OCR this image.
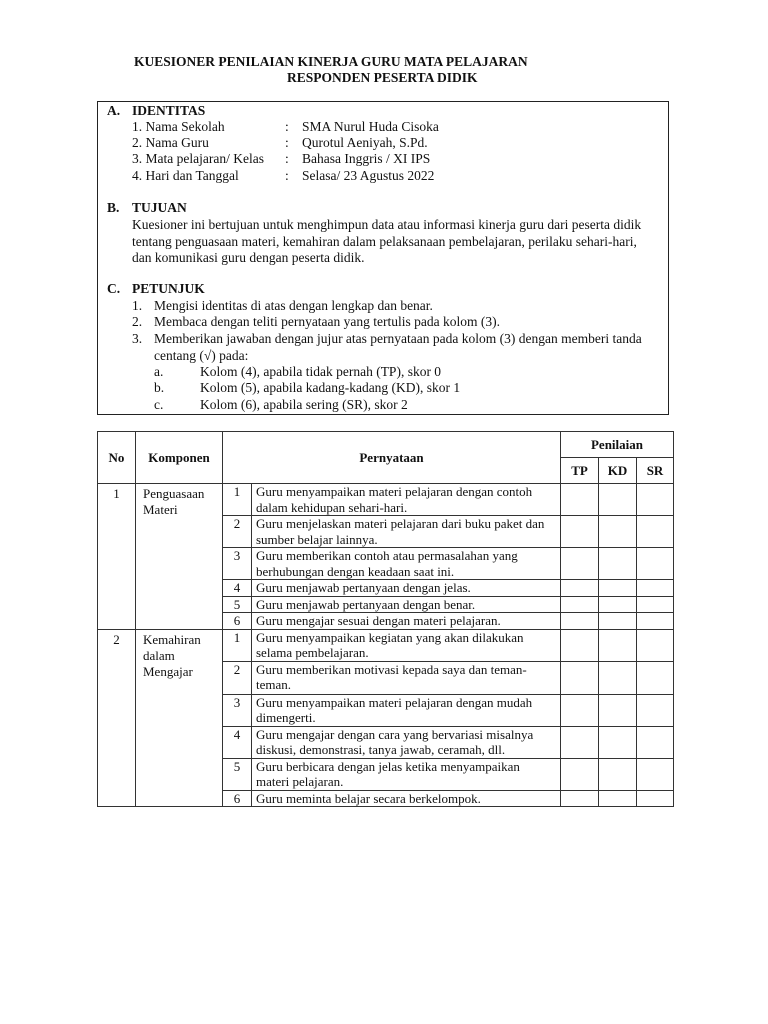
KUESIONER PENILAIAN KINERJA GURU MATA PELAJARAN
RESPONDEN PESERTA DIDIK
A. IDENTITAS
1. Nama Sekolah	: SMA Nurul Huda Cisoka
2. Nama Guru	: Qurotul Aeniyah, S.Pd.
3. Mata pelajaran/ Kelas : Bahasa Inggris / XI IPS
4. Hari dan Tanggal	: Selasa/ 23 Agustus 2022
B. TUJUAN
Kuesioner ini bertujuan untuk menghimpun data atau informasi kinerja guru dari peserta didik tentang penguasaan materi, kemahiran dalam pelaksanaan pembelajaran, perilaku sehari-hari, dan komunikasi guru dengan peserta didik.
C. PETUNJUK
1. Mengisi identitas di atas dengan lengkap dan benar.
2. Membaca dengan teliti pernyataan yang tertulis pada kolom (3).
3. Memberikan jawaban dengan jujur atas pernyataan pada kolom (3) dengan memberi tanda centang (√) pada:
a.	Kolom (4), apabila tidak pernah (TP), skor 0
b.	Kolom (5), apabila kadang-kadang (KD), skor 1
c.	Kolom (6), apabila sering (SR), skor 2
No	Komponen	Pernyataan		Penilaian		
				TP	KD	SR
1	Penguasaan Materi	1	Guru menyampaikan materi pelajaran dengan contoh dalam kehidupan sehari-hari.			
		2	Guru menjelaskan materi pelajaran dari buku paket dan sumber belajar lainnya.			
		3	Guru memberikan contoh atau permasalahan yang berhubungan dengan keadaan saat ini.			
		4	Guru menjawab pertanyaan dengan jelas.			
		5	Guru menjawab pertanyaan dengan benar.			
		6	Guru mengajar sesuai dengan materi pelajaran.			
2	Kemahiran dalam Mengajar	1	Guru menyampaikan kegiatan yang akan dilakukan selama pembelajaran.			
		2	Guru memberikan motivasi kepada saya dan teman-teman.			
		3	Guru menyampaikan materi pelajaran dengan mudah dimengerti.			
		4	Guru mengajar dengan cara yang bervariasi misalnya diskusi, demonstrasi, tanya jawab, ceramah, dll.			
		5	Guru berbicara dengan jelas ketika menyampaikan materi pelajaran.			
		6	Guru meminta belajar secara berkelompok.			
